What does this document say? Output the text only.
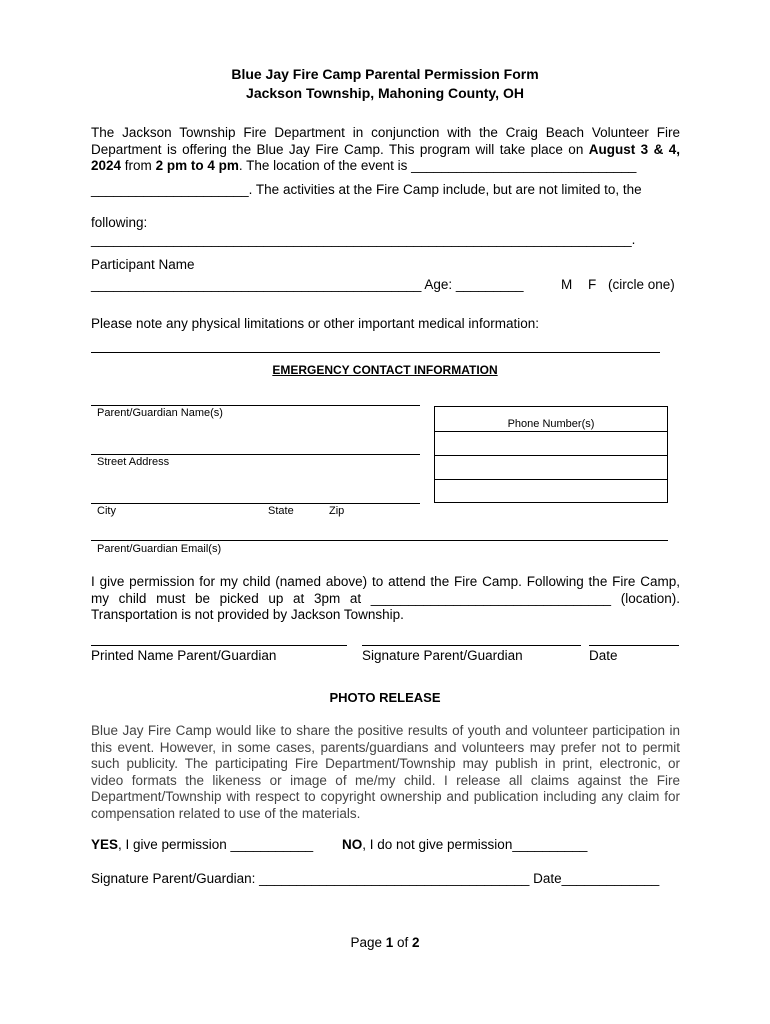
Blue Jay Fire Camp Parental Permission Form
Jackson Township, Mahoning County, OH
The Jackson Township Fire Department in conjunction with the Craig Beach Volunteer Fire Department is offering the Blue Jay Fire Camp. This program will take place on August 3 & 4, 2024 from 2 pm to 4 pm. The location of the event is ______________________________
_____________________. The activities at the Fire Camp include, but are not limited to, the
following: ________________________________________________________________________.
Participant Name
____________________________________________ Age: _________	M F (circle one)
Please note any physical limitations or other important medical information:
EMERGENCY CONTACT INFORMATION
Parent/Guardian Name(s)
Street Address
City	State	Zip
Parent/Guardian Email(s)
Phone Number(s)
I give permission for my child (named above) to attend the Fire Camp. Following the Fire Camp, my child must be picked up at 3pm at ________________________________ (location). Transportation is not provided by Jackson Township.
Printed Name Parent/Guardian	Signature Parent/Guardian	Date
PHOTO RELEASE
Blue Jay Fire Camp would like to share the positive results of youth and volunteer participation in this event. However, in some cases, parents/guardians and volunteers may prefer not to permit such publicity. The participating Fire Department/Township may publish in print, electronic, or video formats the likeness or image of me/my child. I release all claims against the Fire Department/Township with respect to copyright ownership and publication including any claim for compensation related to use of the materials.
YES, I give permission ___________ NO, I do not give permission__________
Signature Parent/Guardian: ____________________________________ Date_____________
Page 1 of 2
